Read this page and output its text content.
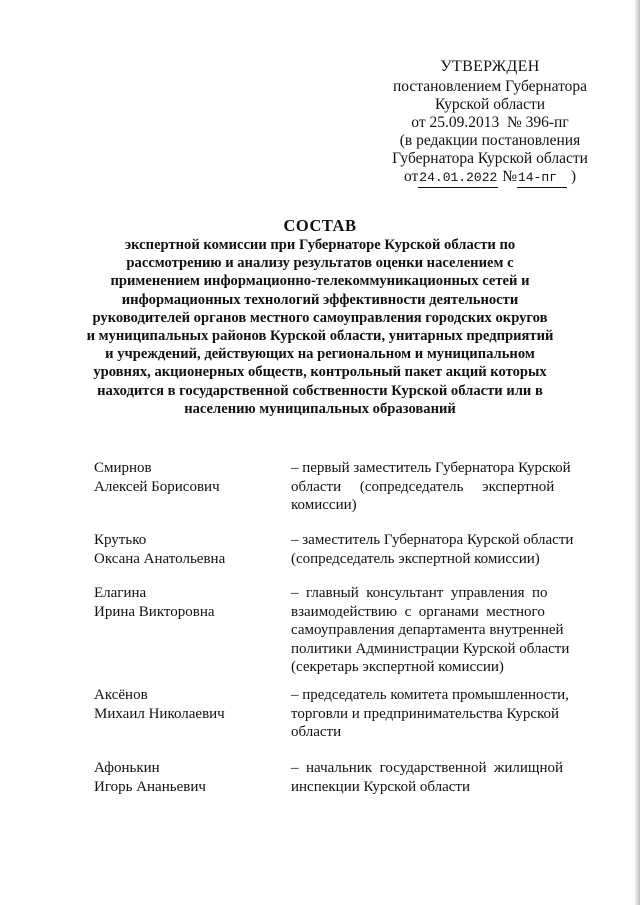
УТВЕРЖДЕН
постановлением Губернатора
Курской области
от 25.09.2013 № 396-пг
(в редакции постановления
Губернатора Курской области
от24.01.2022 №14-пг )
СОСТАВ
экспертной комиссии при Губернаторе Курской области по
рассмотрению и анализу результатов оценки населением с
применением информационно-телекоммуникационных сетей и
информационных технологий эффективности деятельности
руководителей органов местного самоуправления городских округов
и муниципальных районов Курской области, унитарных предприятий
и учреждений, действующих на региональном и муниципальном
уровнях, акционерных обществ, контрольный пакет акций которых
находится в государственной собственности Курской области или в
населению муниципальных образований
Смирнов
Алексей Борисович
– первый заместитель Губернатора Курской
области     (сопредседатель     экспертной
комиссии)
Крутько
Оксана Анатольевна
– заместитель Губернатора Курской области
(сопредседатель экспертной комиссии)
Елагина
Ирина Викторовна
–  главный  консультант  управления  по
взаимодействию  с  органами  местного
самоуправления департамента внутренней
политики Администрации Курской области
(секретарь экспертной комиссии)
Аксёнов
Михаил Николаевич
– председатель комитета промышленности,
торговли и предпринимательства Курской
области
Афонькин
Игорь Ананьевич
–  начальник  государственной  жилищной
инспекции Курской области
